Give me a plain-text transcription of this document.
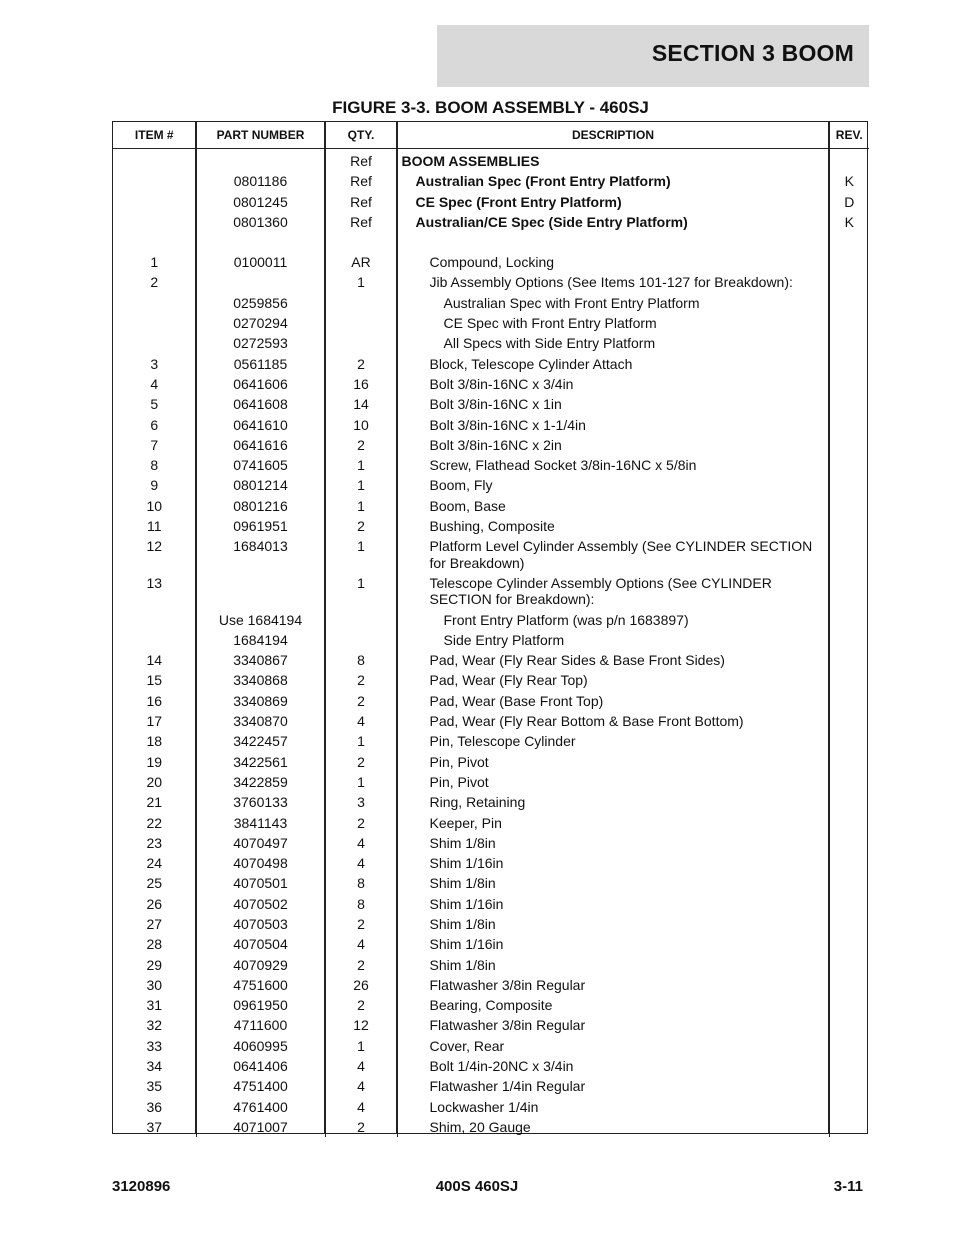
SECTION 3 BOOM
FIGURE 3-3. BOOM ASSEMBLY - 460SJ
ITEM #	PART NUMBER	QTY.	DESCRIPTION	REV.
		Ref	BOOM ASSEMBLIES	
	0801186	Ref	Australian Spec (Front Entry Platform)	K
	0801245	Ref	CE Spec (Front Entry Platform)	D
	0801360	Ref	Australian/CE Spec (Side Entry Platform)	K

1	0100011	AR	Compound, Locking	
2		1	Jib Assembly Options (See Items 101-127 for Breakdown):	
	0259856		Australian Spec with Front Entry Platform	
	0270294		CE Spec with Front Entry Platform	
	0272593		All Specs with Side Entry Platform	
3	0561185	2	Block, Telescope Cylinder Attach	
4	0641606	16	Bolt 3/8in-16NC x 3/4in	
5	0641608	14	Bolt 3/8in-16NC x 1in	
6	0641610	10	Bolt 3/8in-16NC x 1-1/4in	
7	0641616	2	Bolt 3/8in-16NC x 2in	
8	0741605	1	Screw, Flathead Socket 3/8in-16NC x 5/8in	
9	0801214	1	Boom, Fly	
10	0801216	1	Boom, Base	
11	0961951	2	Bushing, Composite	
12	1684013	1	Platform Level Cylinder Assembly (See CYLINDER SECTION for Breakdown)	
13		1	Telescope Cylinder Assembly Options (See CYLINDER SECTION for Breakdown):	
	Use 1684194		Front Entry Platform (was p/n 1683897)	
	1684194		Side Entry Platform	
14	3340867	8	Pad, Wear (Fly Rear Sides & Base Front Sides)	
15	3340868	2	Pad, Wear (Fly Rear Top)	
16	3340869	2	Pad, Wear (Base Front Top)	
17	3340870	4	Pad, Wear (Fly Rear Bottom & Base Front Bottom)	
18	3422457	1	Pin, Telescope Cylinder	
19	3422561	2	Pin, Pivot	
20	3422859	1	Pin, Pivot	
21	3760133	3	Ring, Retaining	
22	3841143	2	Keeper, Pin	
23	4070497	4	Shim 1/8in	
24	4070498	4	Shim 1/16in	
25	4070501	8	Shim 1/8in	
26	4070502	8	Shim 1/16in	
27	4070503	2	Shim 1/8in	
28	4070504	4	Shim 1/16in	
29	4070929	2	Shim 1/8in	
30	4751600	26	Flatwasher 3/8in Regular	
31	0961950	2	Bearing, Composite	
32	4711600	12	Flatwasher 3/8in Regular	
33	4060995	1	Cover, Rear	
34	0641406	4	Bolt 1/4in-20NC x 3/4in	
35	4751400	4	Flatwasher 1/4in Regular	
36	4761400	4	Lockwasher 1/4in	
37	4071007	2	Shim, 20 Gauge	
3120896	400S 460SJ	3-11
